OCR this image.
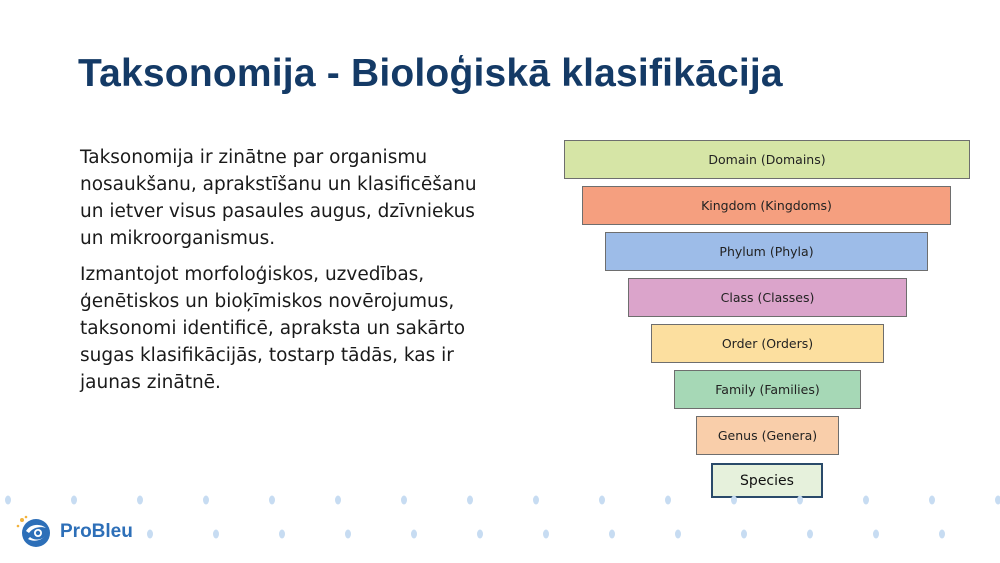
Taksonomija - Bioloģiskā klasifikācija

Taksonomija ir zinātne par organismu nosaukšanu, aprakstīšanu un klasificēšanu un ietver visus pasaules augus, dzīvniekus un mikroorganismus.

Izmantojot morfoloģiskos, uzvedības, ģenētiskos un bioķīmiskos novērojumus, taksonomi identificē, apraksta un sakārto sugas klasifikācijās, tostarp tādās, kas ir jaunas zinātnē.

Domain (Domains)
Kingdom (Kingdoms)
Phylum (Phyla)
Class (Classes)
Order (Orders)
Family (Families)
Genus (Genera)
Species
ProBleu
